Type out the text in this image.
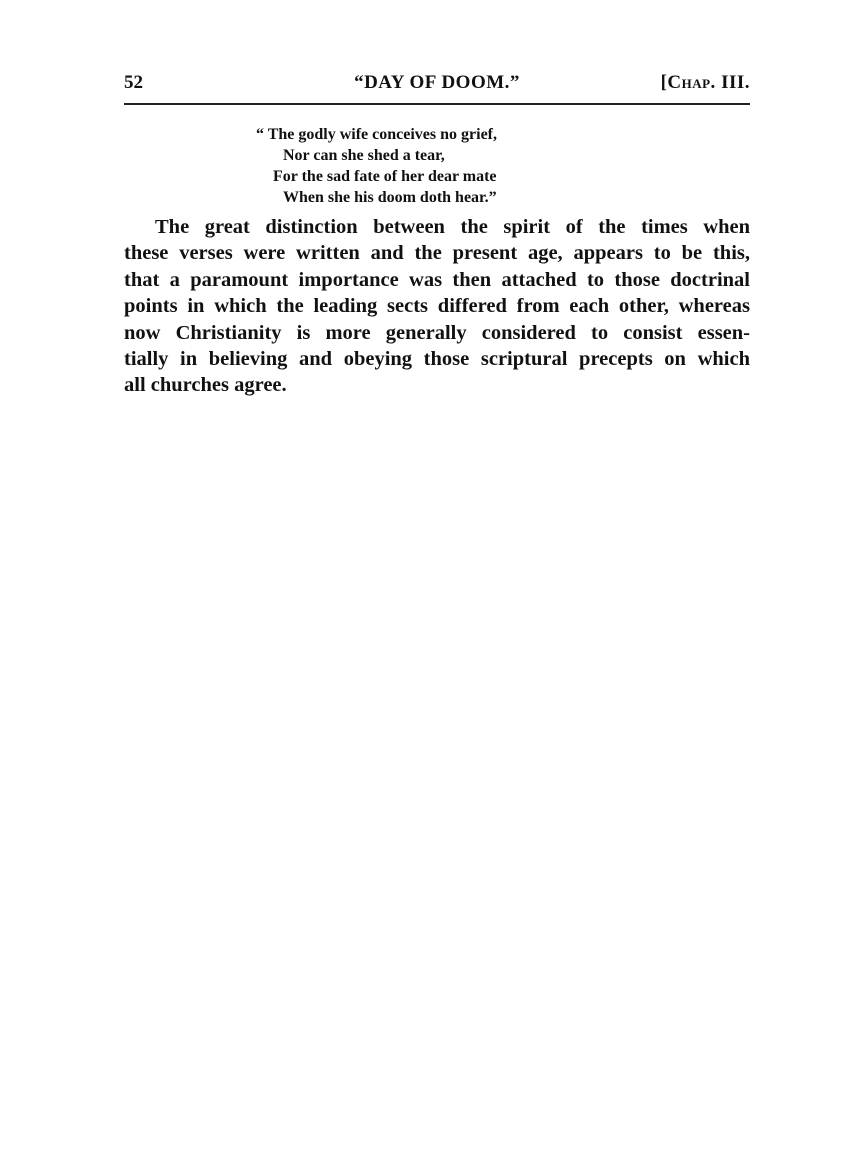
52	“DAY OF DOOM.”	[Chap. III.
“ The godly wife conceives no grief,
Nor can she shed a tear,
For the sad fate of her dear mate
When she his doom doth hear.”
The great distinction between the spirit of the times when
these verses were written and the present age, appears to be this,
that a paramount importance was then attached to those doctrinal
points in which the leading sects differed from each other, whereas
now Christianity is more generally considered to consist essen-
tially in believing and obeying those scriptural precepts on which
all churches agree.
